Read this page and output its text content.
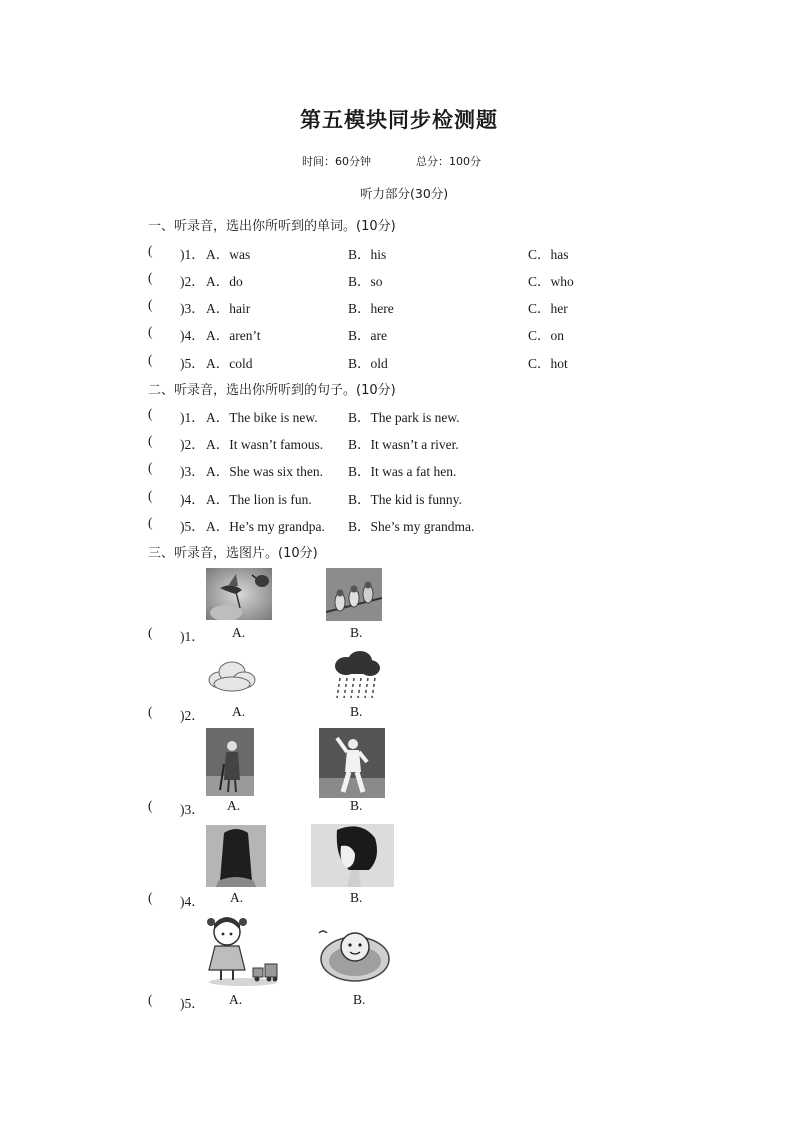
第五模块同步检测题
时间：60分钟	总分：100分
听力部分(30分)
一、听录音，选出你所听到的单词。(10分)
( )1． A．was	B．his	C．has
( )2． A．do	B．so	C．who
( )3． A．hair	B．here	C．her
( )4． A．aren’t	B．are	C．on
( )5． A．cold	B．old	C．hot
二、听录音，选出你所听到的句子。(10分)
( )1． A．The bike is new. B．The park is new.
( )2． A．It wasn’t famous. B．It wasn’t a river.
( )3． A．She was six then. B．It was a fat hen.
( )4． A．The lion is fun.	B．The kid is funny.
( )5． A．He’s my grandpa. B．She’s my grandma.
三、听录音，选图片。(10分)
( )1． A.	B.
( )2． A.	B.
( )3． A.	B.
( )4． A.	B.
( )5． A.	B.
